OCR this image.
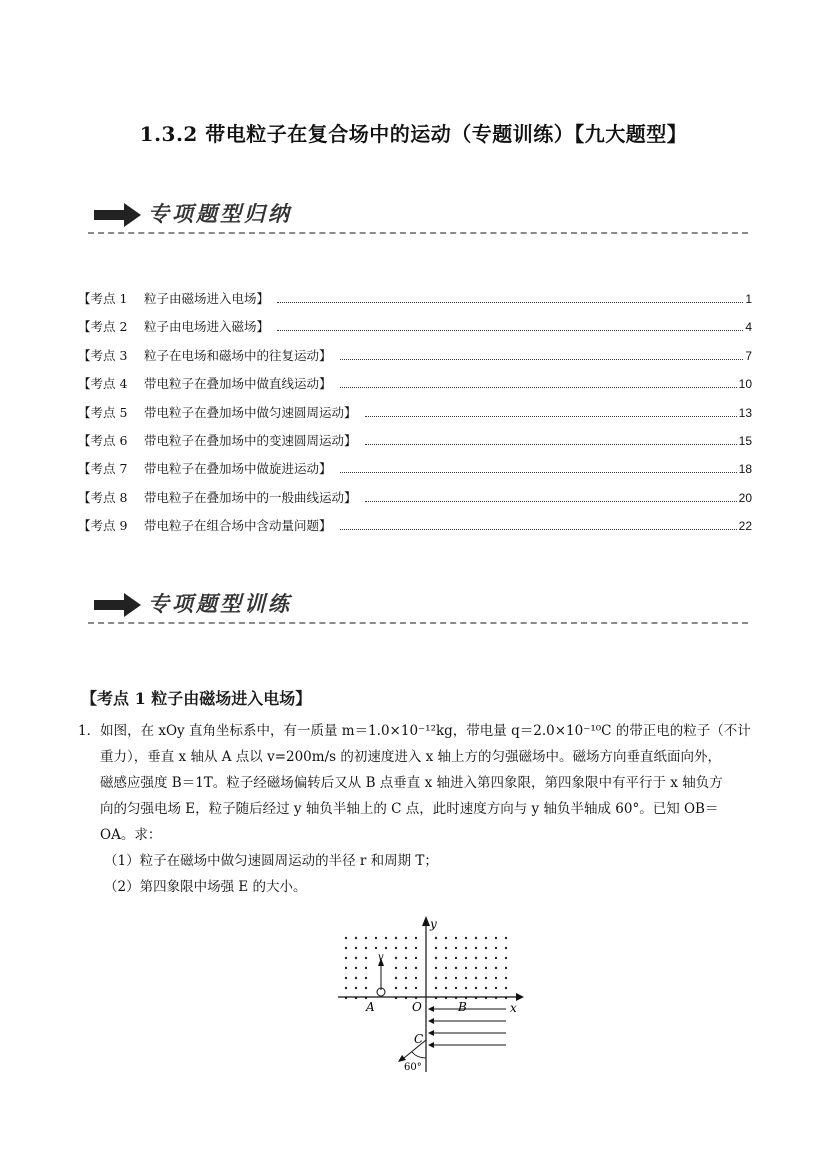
1.3.2 带电粒子在复合场中的运动（专题训练）【九大题型】
专项题型归纳
【考点 1	粒子由磁场进入电场】	1
【考点 2	粒子由电场进入磁场】	4
【考点 3	粒子在电场和磁场中的往复运动】	7
【考点 4	带电粒子在叠加场中做直线运动】	10
【考点 5	带电粒子在叠加场中做匀速圆周运动】	13
【考点 6	带电粒子在叠加场中的变速圆周运动】	15
【考点 7	带电粒子在叠加场中做旋进运动】	18
【考点 8	带电粒子在叠加场中的一般曲线运动】	20
【考点 9	带电粒子在组合场中含动量问题】	22
专项题型训练
【考点 1 粒子由磁场进入电场】

1．如图，在 xOy 直角坐标系中，有一质量 m＝1.0×10⁻¹²kg，带电量 q＝2.0×10⁻¹⁰C 的带正电的粒子（不计

重力），垂直 x 轴从 A 点以 v=200m/s 的初速度进入 x 轴上方的匀强磁场中。磁场方向垂直纸面向外，

磁感应强度 B＝1T。粒子经磁场偏转后又从 B 点垂直 x 轴进入第四象限，第四象限中有平行于 x 轴负方

向的匀强电场 E，粒子随后经过 y 轴负半轴上的 C 点，此时速度方向与 y 轴负半轴成 60°。已知 OB＝

OA。求：

（1）粒子在磁场中做匀速圆周运动的半径 r 和周期 T；

（2）第四象限中场强 E 的大小。

y
x
O
A	B
C
v
60°
